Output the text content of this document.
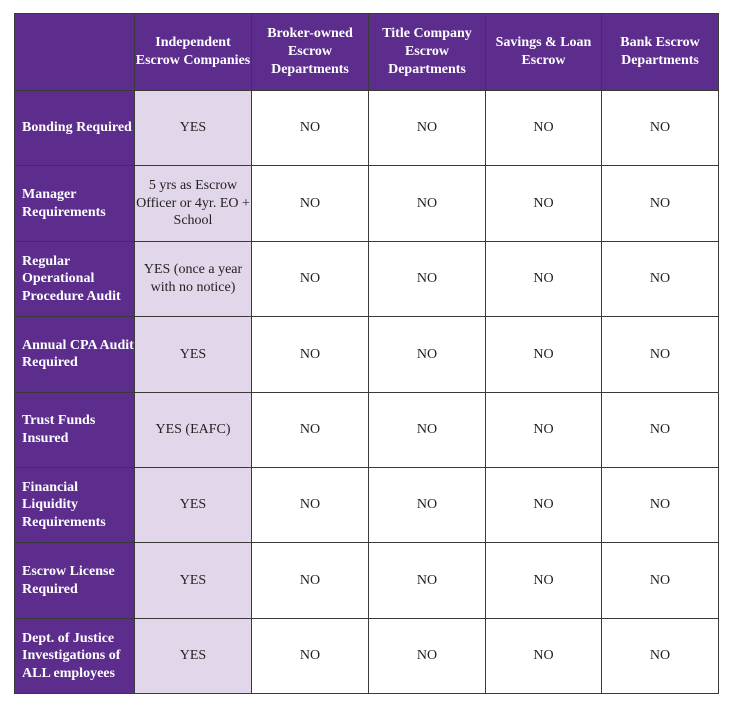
	Independent Escrow Companies	Broker-owned Escrow Departments	Title Company Escrow Departments	Savings & Loan Escrow	Bank Escrow Departments
Bonding Required	YES	NO	NO	NO	NO
Manager Requirements	5 yrs as Escrow Officer or 4yr. EO + School	NO	NO	NO	NO
Regular Operational Procedure Audit	YES (once a year with no notice)	NO	NO	NO	NO
Annual CPA Audit Required	YES	NO	NO	NO	NO
Trust Funds Insured	YES (EAFC)	NO	NO	NO	NO
Financial Liquidity Requirements	YES	NO	NO	NO	NO
Escrow License Required	YES	NO	NO	NO	NO
Dept. of Justice Investigations of ALL employees	YES	NO	NO	NO	NO
